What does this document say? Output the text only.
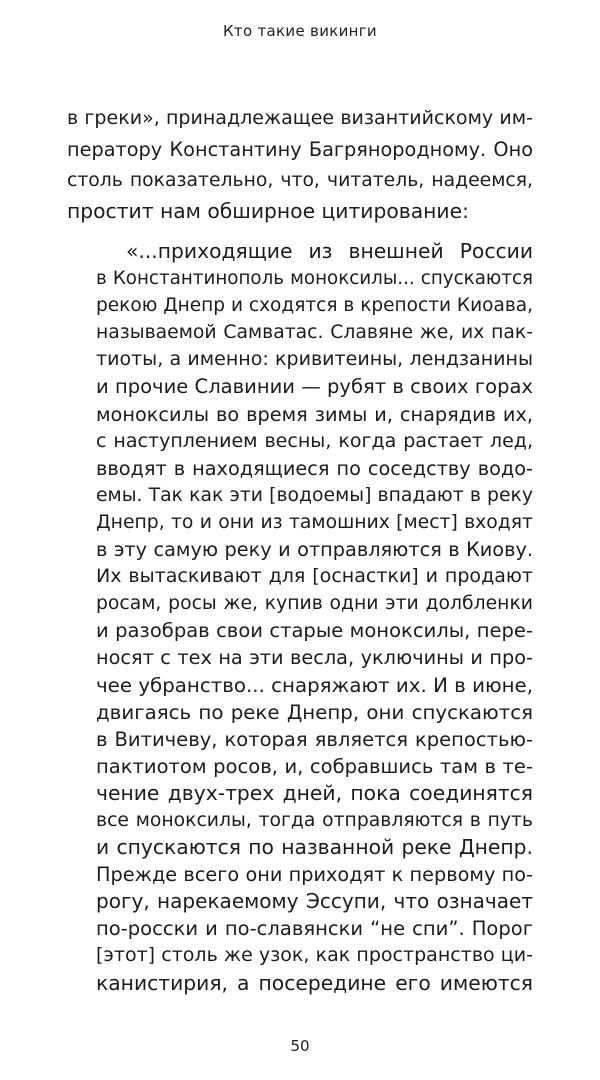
Кто такие викинги
в греки», принадлежащее византийскому им-
ператору Константину Багрянородному. Оно
столь показательно, что, читатель, надеемся,
простит нам обширное цитирование:
«...приходящие из внешней России
в Константинополь моноксилы... спускаются
рекою Днепр и сходятся в крепости Киоава,
называемой Самватас. Славяне же, их пак-
тиоты, а именно: кривитеины, лендзанины
и прочие Славинии — рубят в своих горах
моноксилы во время зимы и, снарядив их,
с наступлением весны, когда растает лед,
вводят в находящиеся по соседству водо-
емы. Так как эти [водоемы] впадают в реку
Днепр, то и они из тамошних [мест] входят
в эту самую реку и отправляются в Киову.
Их вытаскивают для [оснастки] и продают
росам, росы же, купив одни эти долбленки
и разобрав свои старые моноксилы, пере-
носят с тех на эти весла, уключины и про-
чее убранство... снаряжают их. И в июне,
двигаясь по реке Днепр, они спускаются
в Витичеву, которая является крепостью-
пактиотом росов, и, собравшись там в те-
чение двух-трех дней, пока соединятся
все моноксилы, тогда отправляются в путь
и спускаются по названной реке Днепр.
Прежде всего они приходят к первому по-
рогу, нарекаемому Эссупи, что означает
по-росски и по-славянски “не спи”. Порог
[этот] столь же узок, как пространство ци-
канистирия, а посередине его имеются
50
